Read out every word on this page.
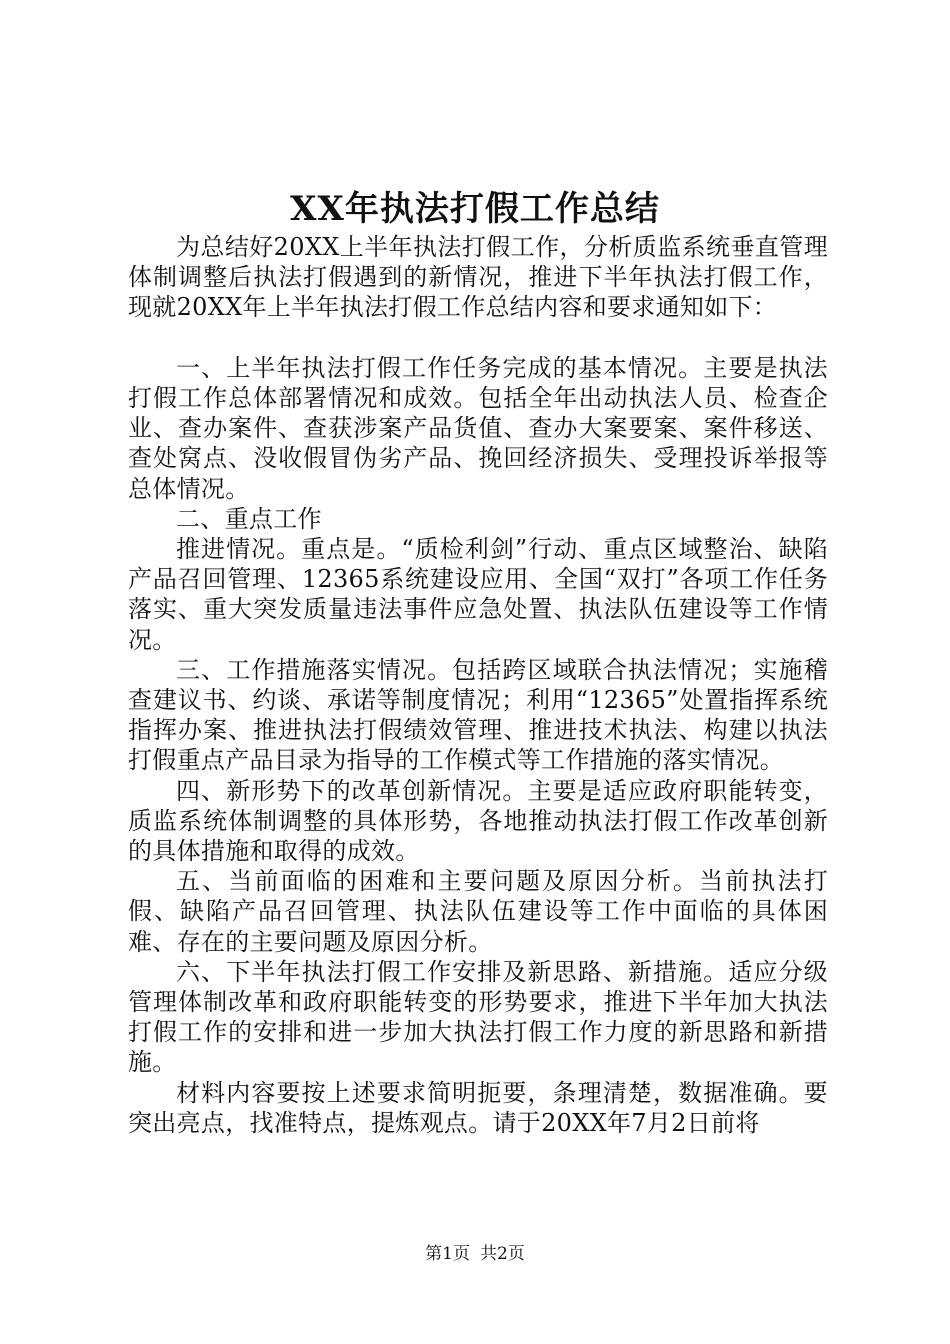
XX年执法打假工作总结

为总结好20XX上半年执法打假工作，分析质监系统垂直管理体制调整后执法打假遇到的新情况，推进下半年执法打假工作，现就20XX年上半年执法打假工作总结内容和要求通知如下：

一、上半年执法打假工作任务完成的基本情况。主要是执法打假工作总体部署情况和成效。包括全年出动执法人员、检查企业、查办案件、查获涉案产品货值、查办大案要案、案件移送、查处窝点、没收假冒伪劣产品、挽回经济损失、受理投诉举报等总体情况。

二、重点工作

推进情况。重点是。“质检利剑”行动、重点区域整治、缺陷产品召回管理、12365系统建设应用、全国“双打”各项工作任务落实、重大突发质量违法事件应急处置、执法队伍建设等工作情况。

三、工作措施落实情况。包括跨区域联合执法情况；实施稽查建议书、约谈、承诺等制度情况；利用“12365”处置指挥系统指挥办案、推进执法打假绩效管理、推进技术执法、构建以执法打假重点产品目录为指导的工作模式等工作措施的落实情况。

四、新形势下的改革创新情况。主要是适应政府职能转变，质监系统体制调整的具体形势，各地推动执法打假工作改革创新的具体措施和取得的成效。

五、当前面临的困难和主要问题及原因分析。当前执法打假、缺陷产品召回管理、执法队伍建设等工作中面临的具体困难、存在的主要问题及原因分析。

六、下半年执法打假工作安排及新思路、新措施。适应分级管理体制改革和政府职能转变的形势要求，推进下半年加大执法打假工作的安排和进一步加大执法打假工作力度的新思路和新措施。

材料内容要按上述要求简明扼要，条理清楚，数据准确。要突出亮点，找准特点，提炼观点。请于20XX年7月2日前将

第1页 共2页
